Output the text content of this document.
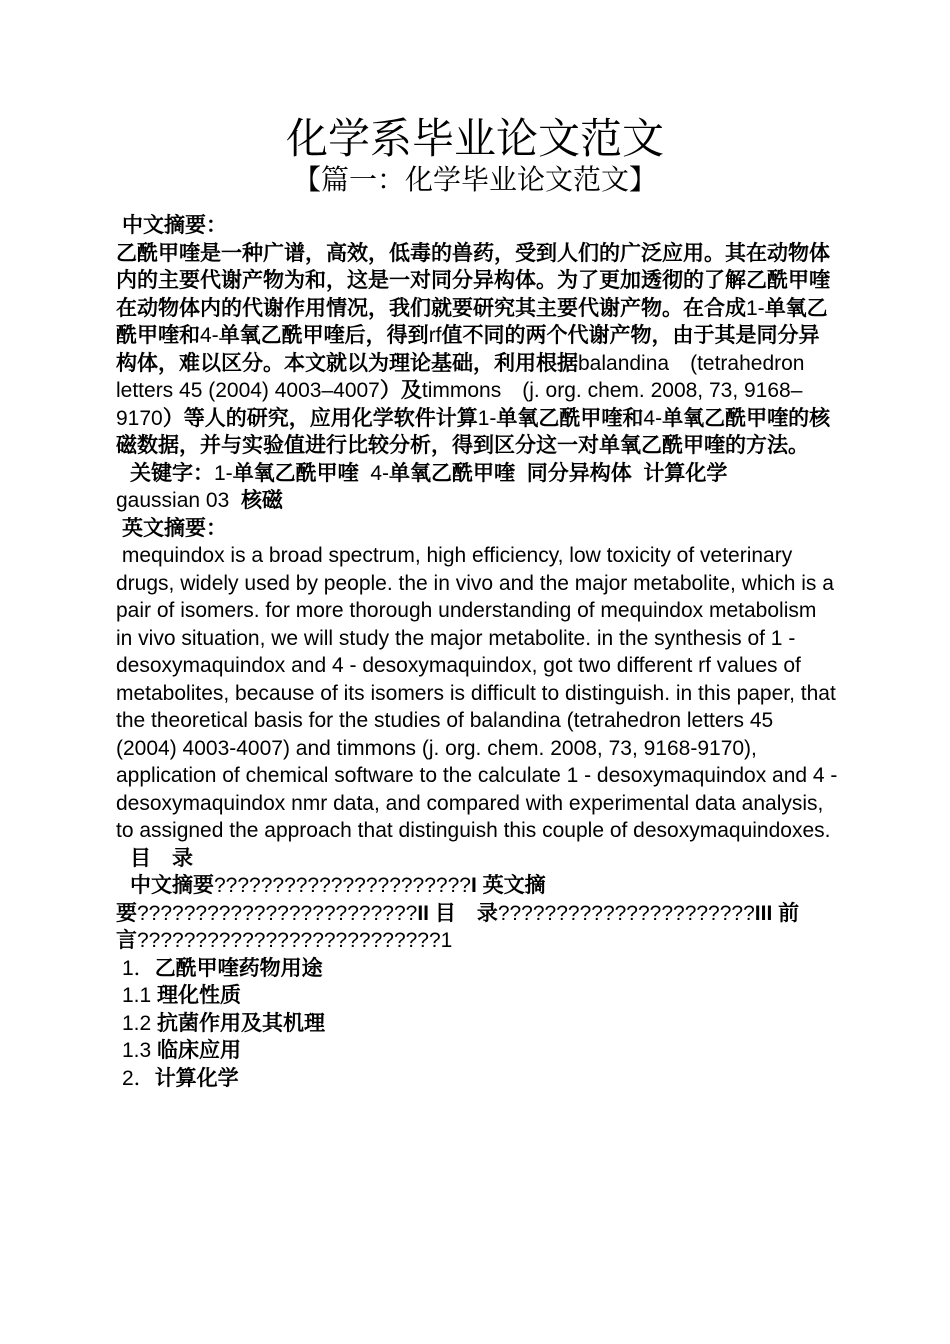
化学系毕业论文范文
【篇一：化学毕业论文范文】

中文摘要：

乙酰甲喹是一种广谱，高效，低毒的兽药，受到人们的广泛应用。其在动物体内的主要代谢产物为和，这是一对同分异构体。为了更加透彻的了解乙酰甲喹在动物体内的代谢作用情况，我们就要研究其主要代谢产物。在合成1-单氧乙酰甲喹和4-单氧乙酰甲喹后，得到rf值不同的两个代谢产物，由于其是同分异构体，难以区分。本文就以为理论基础，利用根据balandina　(tetrahedron letters 45 (2004) 4003–4007）及timmons　(j. org. chem. 2008, 73, 9168–9170）等人的研究，应用化学软件计算1-单氧乙酰甲喹和4-单氧乙酰甲喹的核磁数据，并与实验值进行比较分析，得到区分这一对单氧乙酰甲喹的方法。

关键字：1-单氧乙酰甲喹 4-单氧乙酰甲喹 同分异构体 计算化学

gaussian 03 核磁

英文摘要：

mequindox is a broad spectrum, high efficiency, low toxicity of veterinary drugs, widely used by people. the in vivo and the major metabolite, which is a pair of isomers. for more thorough understanding of mequindox metabolism in vivo situation, we will study the major metabolite. in the synthesis of 1 - desoxymaquindox and 4 - desoxymaquindox, got two different rf values of metabolites, because of its isomers is difficult to distinguish. in this paper, that the theoretical basis for the studies of balandina (tetrahedron letters 45 (2004) 4003-4007) and timmons (j. org. chem. 2008, 73, 9168-9170), application of chemical software to the calculate 1 - desoxymaquindox and 4 - desoxymaquindox nmr data, and compared with experimental data analysis, to assigned the approach that distinguish this couple of desoxymaquindoxes.

目　录

中文摘要??????????????????????I 英文摘要????????????????????????II 目　录??????????????????????III 前　言??????????????????????????1

1．乙酰甲喹药物用途

1.1 理化性质

1.2 抗菌作用及其机理

1.3 临床应用

2．计算化学
